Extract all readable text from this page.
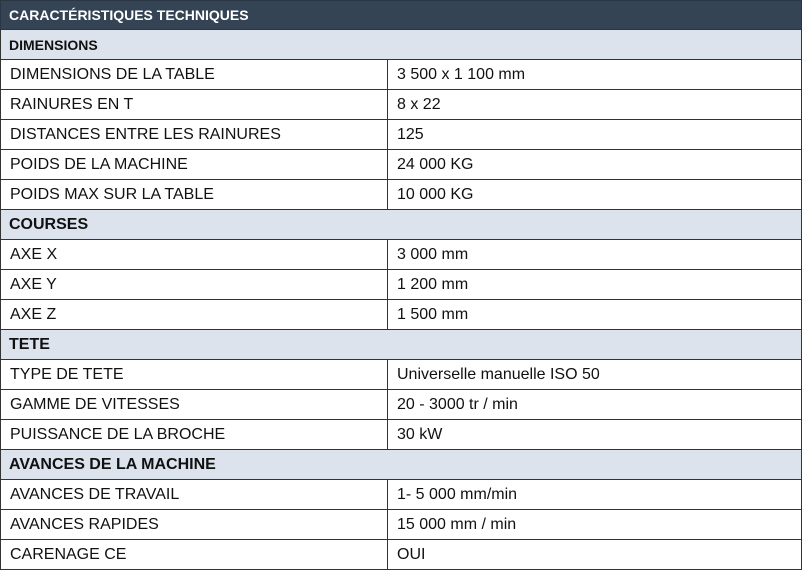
CARACTÉRISTIQUES TECHNIQUES	
DIMENSIONS	
DIMENSIONS DE LA TABLE	3 500 x 1 100 mm
RAINURES EN T	8 x 22
DISTANCES ENTRE LES RAINURES	125
POIDS DE LA MACHINE	24 000 KG
POIDS MAX SUR LA TABLE	10 000 KG
COURSES	
AXE X	3 000 mm
AXE Y	1 200 mm
AXE Z	1 500 mm
TETE	
TYPE DE TETE	Universelle manuelle ISO 50
GAMME DE VITESSES	20 - 3000 tr / min
PUISSANCE DE LA BROCHE	30 kW
AVANCES DE LA MACHINE	
AVANCES DE TRAVAIL	1- 5 000 mm/min
AVANCES RAPIDES	15 000 mm / min
CARENAGE CE	OUI
